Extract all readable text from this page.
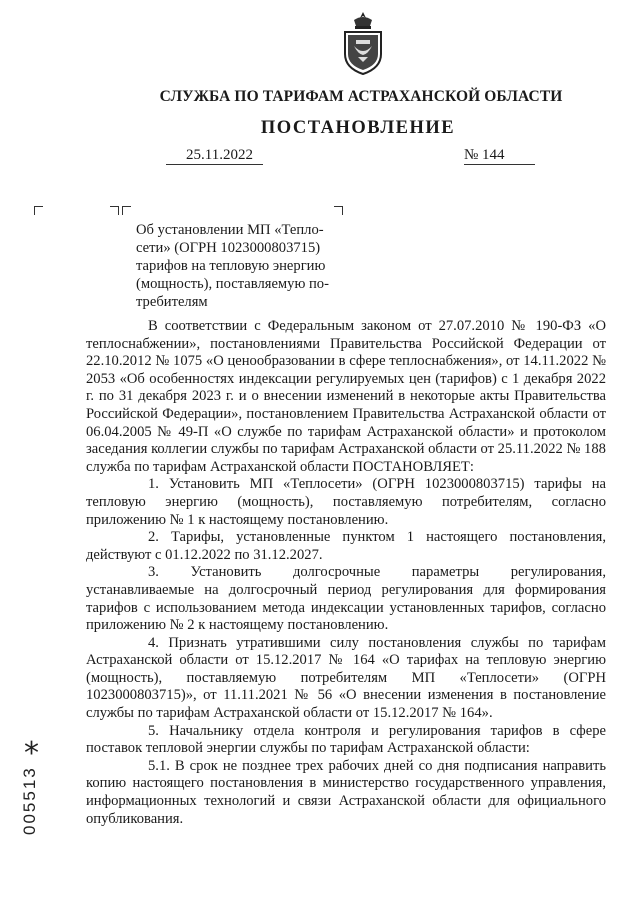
СЛУЖБА ПО ТАРИФАМ АСТРАХАНСКОЙ ОБЛАСТИ
ПОСТАНОВЛЕНИЕ
25.11.2022	№ 144
Об установлении МП «Тепло-
сети» (ОГРН 1023000803715)
тарифов на тепловую энергию
(мощность), поставляемую по-
требителям

В соответствии с Федеральным законом от 27.07.2010 № 190-ФЗ «О теплоснабжении», постановлениями Правительства Российской Федерации от 22.10.2012 № 1075 «О ценообразовании в сфере теплоснабжения», от 14.11.2022 № 2053 «Об особенностях индексации регулируемых цен (тарифов) с 1 декабря 2022 г. по 31 декабря 2023 г. и о внесении изменений в некоторые акты Правительства Российской Федерации», постановлением Правительства Астраханской области от 06.04.2005 № 49-П «О службе по тарифам Астраханской области» и протоколом заседания коллегии службы по тарифам Астраханской области от 25.11.2022 № 188

служба по тарифам Астраханской области ПОСТАНОВЛЯЕТ:

1. Установить МП «Теплосети» (ОГРН 1023000803715) тарифы на тепловую энергию (мощность), поставляемую потребителям, согласно приложению № 1 к настоящему постановлению.

2. Тарифы, установленные пунктом 1 настоящего постановления, действуют с 01.12.2022 по 31.12.2027.

3. Установить долгосрочные параметры регулирования, устанавливаемые на долгосрочный период регулирования для формирования тарифов с использованием метода индексации установленных тарифов, согласно приложению № 2 к настоящему постановлению.

4. Признать утратившими силу постановления службы по тарифам Астраханской области от 15.12.2017 № 164 «О тарифах на тепловую энергию (мощность), поставляемую потребителям МП «Теплосети» (ОГРН 1023000803715)», от 11.11.2021 № 56 «О внесении изменения в постановление службы по тарифам Астраханской области от 15.12.2017 № 164».

5. Начальнику отдела контроля и регулирования тарифов в сфере поставок тепловой энергии службы по тарифам Астраханской области:

5.1. В срок не позднее трех рабочих дней со дня подписания направить копию настоящего постановления в министерство государственного управления, информационных технологий и связи Астраханской области для официального опубликования.

*
005513
